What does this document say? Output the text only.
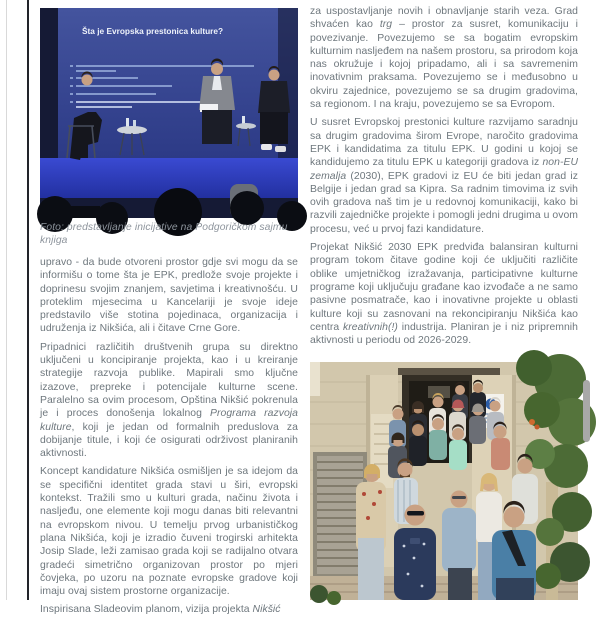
Šta je Evropska prestonica kulture?
Foto: predstavljanje inicijative na Podgoričkom sajmu knjiga

upravo - da bude otvoreni prostor gdje svi mogu da se informišu o tome šta je EPK, predlože svoje projekte i doprinesu svojim znanjem, savjetima i kreativnošću. U proteklim mjesecima u Kancelariji je svoje ideje predstavilo više stotina pojedinaca, organizacija i udruženja iz Nikšića, ali i čitave Crne Gore.

Pripadnici različitih društvenih grupa su direktno uključeni u koncipiranje projekta, kao i u kreiranje strategije razvoja publike. Mapirali smo ključne izazove, prepreke i potencijale kulturne scene. Paralelno sa ovim procesom, Opština Nikšić pokrenula je i proces donošenja lokalnog Programa razvoja kulture, koji je jedan od formalnih preduslova za dobijanje titule, i koji će osigurati održivost planiranih aktivnosti.

Koncept kandidature Nikšića osmišljen je sa idejom da se specifični identitet grada stavi u širi, evropski kontekst. Tražili smo u kulturi grada, načinu života i nasljeđu, one elemente koji mogu danas biti relevantni na evropskom nivou. U temelju prvog urbanističkog plana Nikšića, koji je izradio čuveni trogirski arhitekta Josip Slade, leži zamisao grada koji se radijalno otvara gradeći simetrično organizovan prostor po mjeri čovjeka, po uzoru na poznate evropske gradove koji imaju ovaj sistem prostorne organizacije.

Inspirisana Sladeovim planom, vizija projekta Nikšić

za uspostavljanje novih i obnavljanje starih veza. Grad shvaćen kao trg – prostor za susret, komunikaciju i povezivanje. Povezujemo se sa bogatim evropskim kulturnim nasljeđem na našem prostoru, sa prirodom koja nas okružuje i kojoj pripadamo, ali i sa savremenim inovativnim praksama. Povezujemo se i međusobno u okviru zajednice, povezujemo se sa drugim gradovima, sa regionom. I na kraju, povezujemo se sa Evropom.

U susret Evropskoj prestonici kulture razvijamo saradnju sa drugim gradovima širom Evrope, naročito gradovima EPK i kandidatima za titulu EPK. U godini u kojoj se kandidujemo za titulu EPK u kategoriji gradova iz non-EU zemalja (2030), EPK gradovi iz EU će biti jedan grad iz Belgije i jedan grad sa Kipra. Sa radnim timovima iz svih ovih gradova naš tim je u redovnoj komunikaciji, kako bi razvili zajedničke projekte i pomogli jedni drugima u ovom procesu, već u prvoj fazi kandidature.

Projekat Nikšić 2030 EPK predviđa balansiran kulturni program tokom čitave godine koji će uključiti različite oblike umjetničkog izražavanja, participativne kulturne programe koji uključuju građane kao izvođače a ne samo pasivne posmatrače, kao i inovativne projekte u oblasti kulture koji su zasnovani na rekoncipiranju Nikšića kao centra kreativnih(!) industrija. Planiran je i niz pripremnih aktivnosti u periodu od 2026-2029.
